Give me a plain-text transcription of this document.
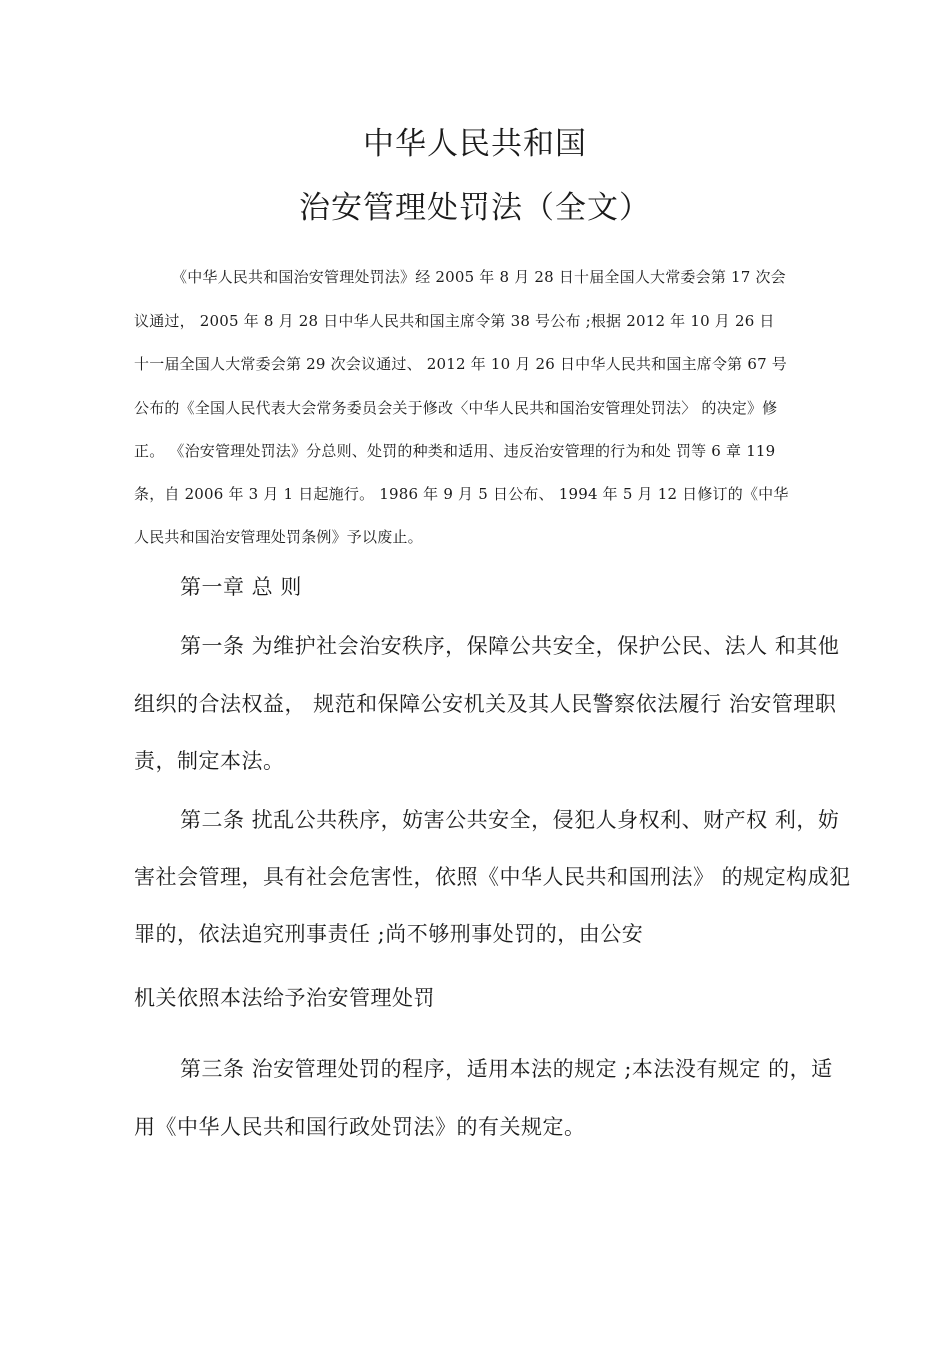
中华人民共和国
治安管理处罚法（全文）
《中华人民共和国治安管理处罚法》经 2005 年 8 月 28 日十届全国人大常委会第 17 次会
议通过， 2005 年 8 月 28 日中华人民共和国主席令第 38 号公布 ;根据 2012 年 10 月 26 日
十一届全国人大常委会第 29 次会议通过、 2012 年 10 月 26 日中华人民共和国主席令第 67 号
公布的《全国人民代表大会常务委员会关于修改〈中华人民共和国治安管理处罚法〉 的决定》修
正。 《治安管理处罚法》分总则、处罚的种类和适用、违反治安管理的行为和处 罚等 6 章 119
条，自 2006 年 3 月 1 日起施行。 1986 年 9 月 5 日公布、 1994 年 5 月 12 日修订的《中华
人民共和国治安管理处罚条例》予以废止。
第一章 总 则
第一条 为维护社会治安秩序，保障公共安全，保护公民、法人 和其他
组织的合法权益， 规范和保障公安机关及其人民警察依法履行 治安管理职
责，制定本法。
第二条 扰乱公共秩序，妨害公共安全，侵犯人身权利、财产权 利，妨
害社会管理，具有社会危害性，依照《中华人民共和国刑法》 的规定构成犯
罪的，依法追究刑事责任 ;尚不够刑事处罚的，由公安
机关依照本法给予治安管理处罚
第三条 治安管理处罚的程序，适用本法的规定 ;本法没有规定 的，适
用《中华人民共和国行政处罚法》的有关规定。
